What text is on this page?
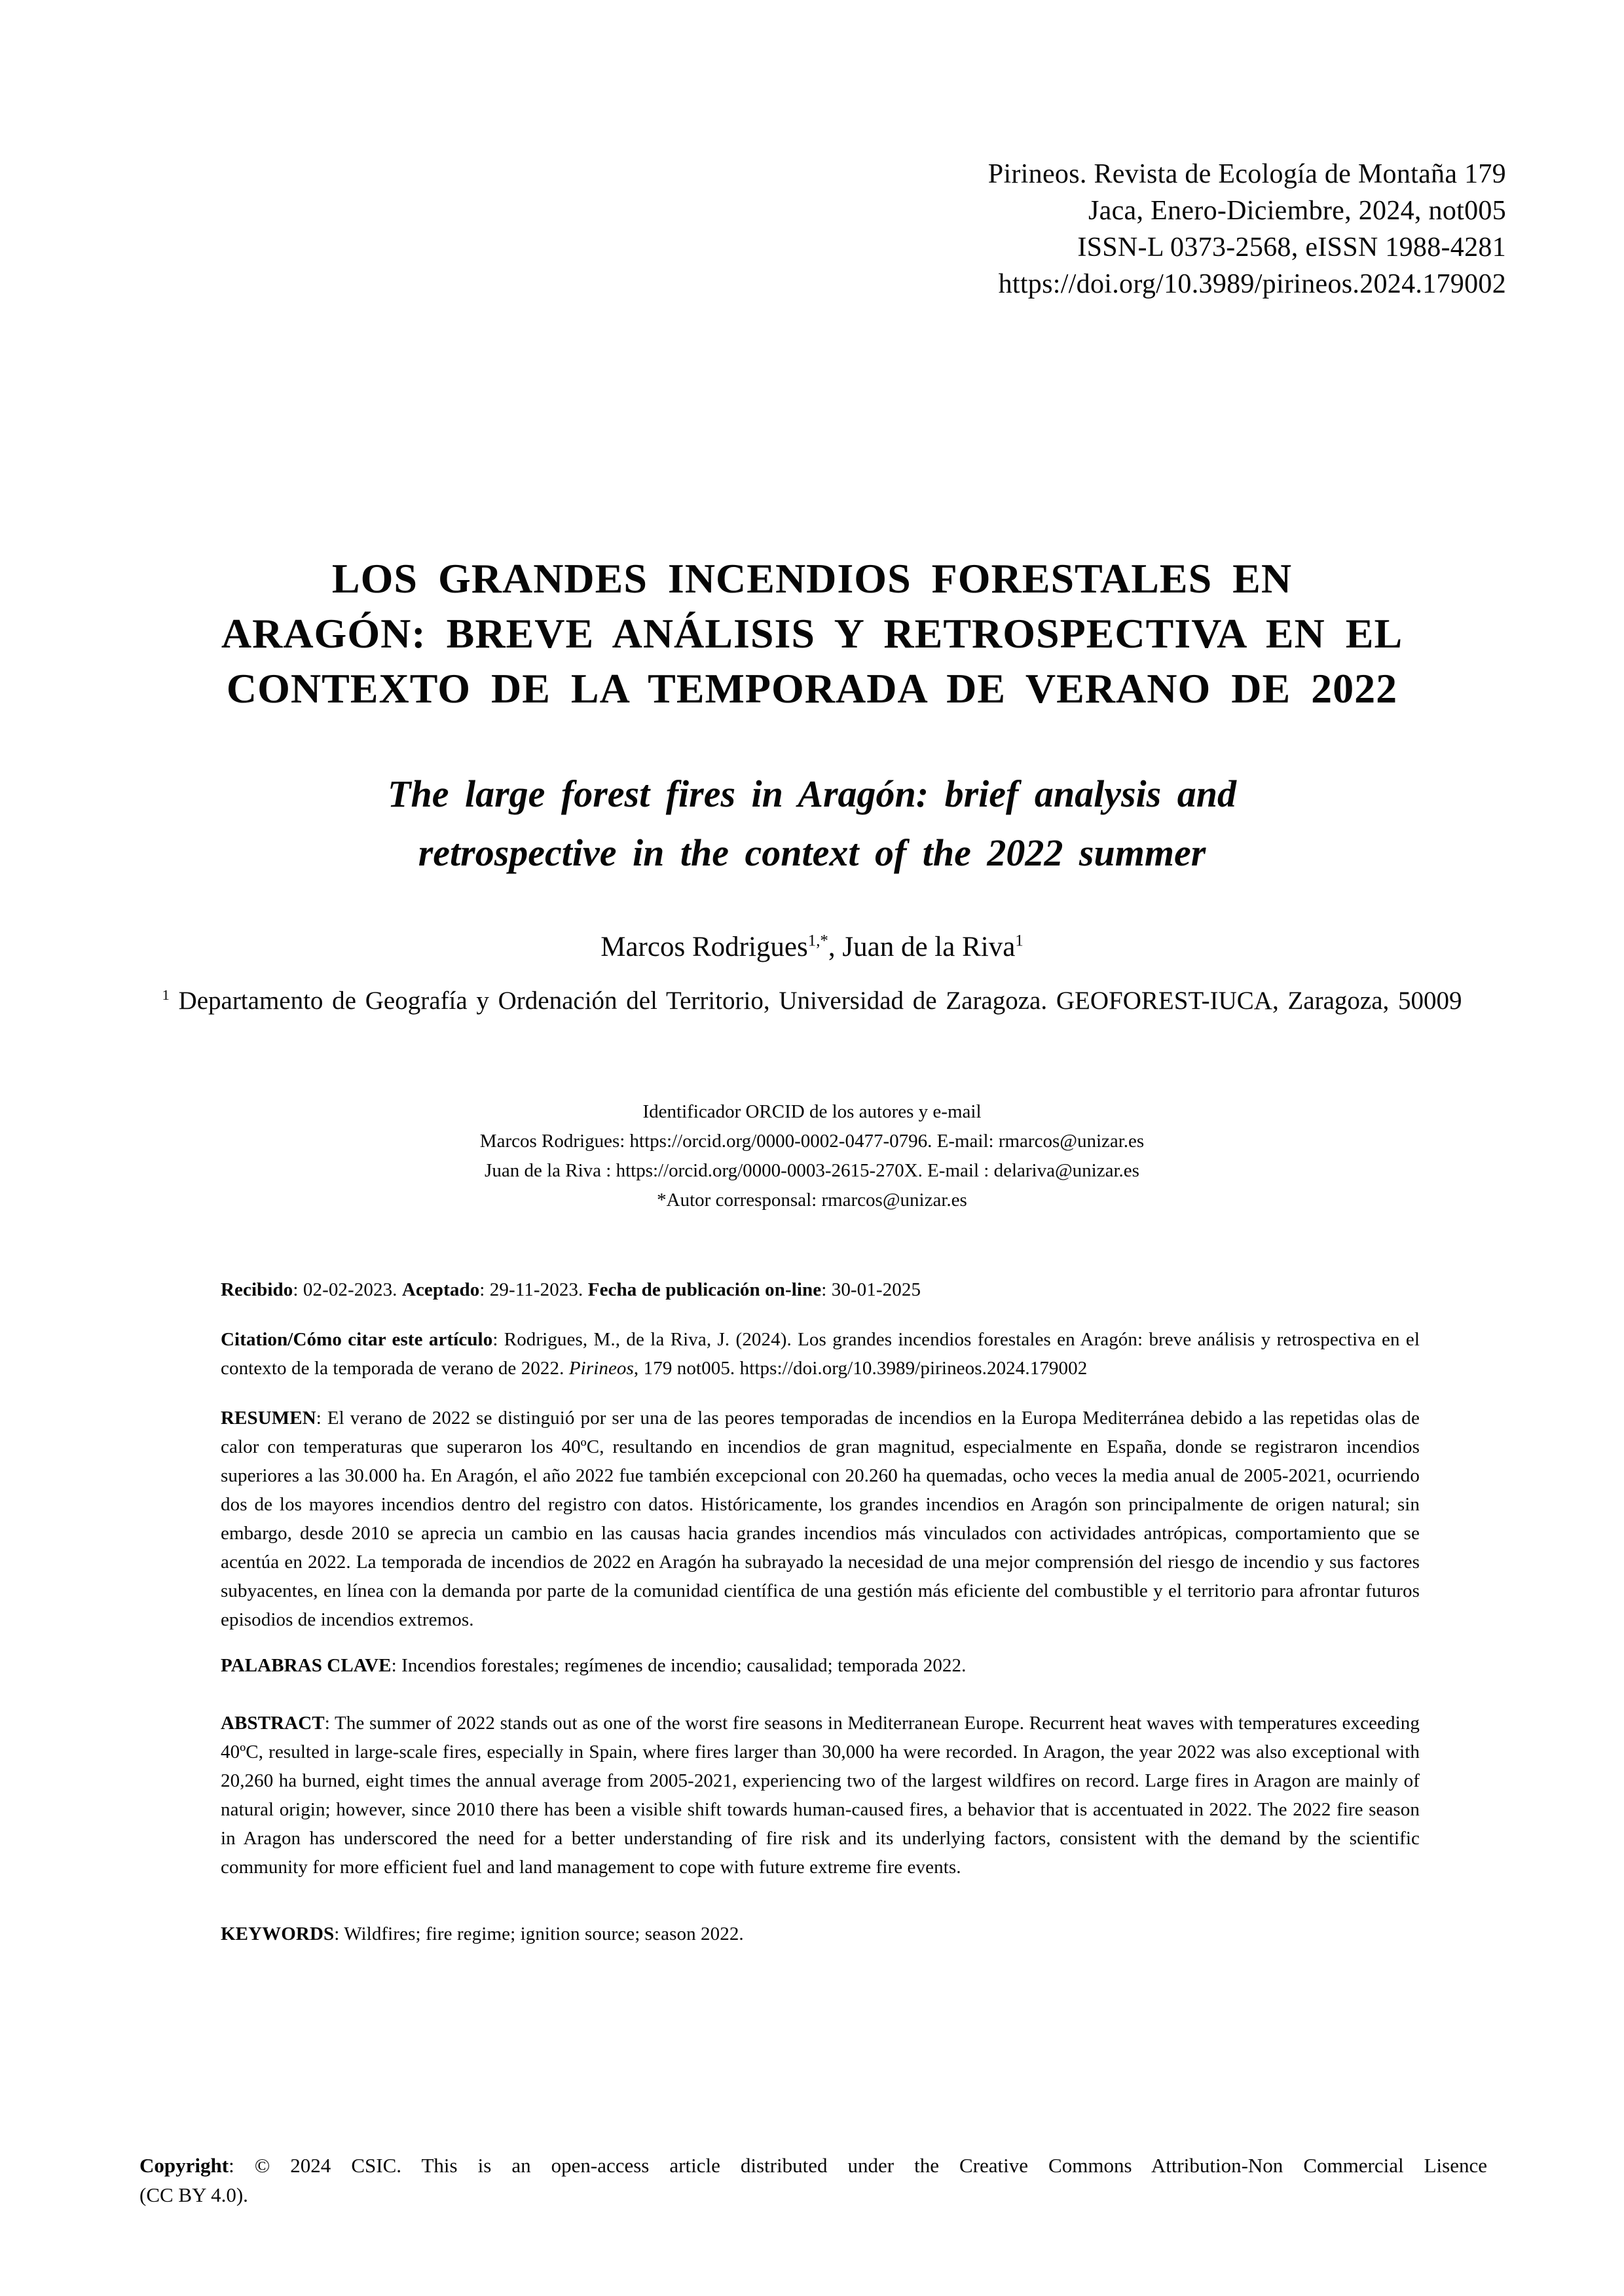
Pirineos. Revista de Ecología de Montaña 179
Jaca, Enero-Diciembre, 2024, not005
ISSN-L 0373-2568, eISSN 1988-4281
https://doi.org/10.3989/pirineos.2024.179002
LOS GRANDES INCENDIOS FORESTALES EN
ARAGÓN: BREVE ANÁLISIS Y RETROSPECTIVA EN EL
CONTEXTO DE LA TEMPORADA DE VERANO DE 2022
The large forest fires in Aragón: brief analysis and
retrospective in the context of the 2022 summer
Marcos Rodrigues$^{1,*}$, Juan de la Riva$^1$
$^1$ Departamento de Geografía y Ordenación del Territorio, Universidad de Zaragoza. GEOFOREST-IUCA, Zaragoza, 50009
Identificador ORCID de los autores y e-mail
Marcos Rodrigues: https://orcid.org/0000-0002-0477-0796. E-mail: rmarcos@unizar.es
Juan de la Riva : https://orcid.org/0000-0003-2615-270X. E-mail : delariva@unizar.es
*Autor corresponsal: rmarcos@unizar.es

Recibido: 02-02-2023. Aceptado: 29-11-2023. Fecha de publicación on-line: 30-01-2025

Citation/Cómo citar este artículo: Rodrigues, M., de la Riva, J. (2024). Los grandes incendios forestales en Aragón: breve análisis y retrospectiva en el contexto de la temporada de verano de 2022. Pirineos, 179 not005. https://doi.org/10.3989/pirineos.2024.179002

RESUMEN: El verano de 2022 se distinguió por ser una de las peores temporadas de incendios en la Europa Mediterránea debido a las repetidas olas de calor con temperaturas que superaron los 40ºC, resultando en incendios de gran magnitud, especialmente en España, donde se registraron incendios superiores a las 30.000 ha. En Aragón, el año 2022 fue también excepcional con 20.260 ha quemadas, ocho veces la media anual de 2005-2021, ocurriendo dos de los mayores incendios dentro del registro con datos. Históricamente, los grandes incendios en Aragón son principalmente de origen natural; sin embargo, desde 2010 se aprecia un cambio en las causas hacia grandes incendios más vinculados con actividades antrópicas, comportamiento que se acentúa en 2022. La temporada de incendios de 2022 en Aragón ha subrayado la necesidad de una mejor comprensión del riesgo de incendio y sus factores subyacentes, en línea con la demanda por parte de la comunidad científica de una gestión más eficiente del combustible y el territorio para afrontar futuros episodios de incendios extremos.

PALABRAS CLAVE: Incendios forestales; regímenes de incendio; causalidad; temporada 2022.

ABSTRACT: The summer of 2022 stands out as one of the worst fire seasons in Mediterranean Europe. Recurrent heat waves with temperatures exceeding 40ºC, resulted in large-scale fires, especially in Spain, where fires larger than 30,000 ha were recorded. In Aragon, the year 2022 was also exceptional with 20,260 ha burned, eight times the annual average from 2005-2021, experiencing two of the largest wildfires on record. Large fires in Aragon are mainly of natural origin; however, since 2010 there has been a visible shift towards human-caused fires, a behavior that is accentuated in 2022. The 2022 fire season in Aragon has underscored the need for a better understanding of fire risk and its underlying factors, consistent with the demand by the scientific community for more efficient fuel and land management to cope with future extreme fire events.

KEYWORDS: Wildfires; fire regime; ignition source; season 2022.

Copyright: © 2024 CSIC. This is an open-access article distributed under the Creative Commons Attribution-Non Commercial Lisence
(CC BY 4.0).
